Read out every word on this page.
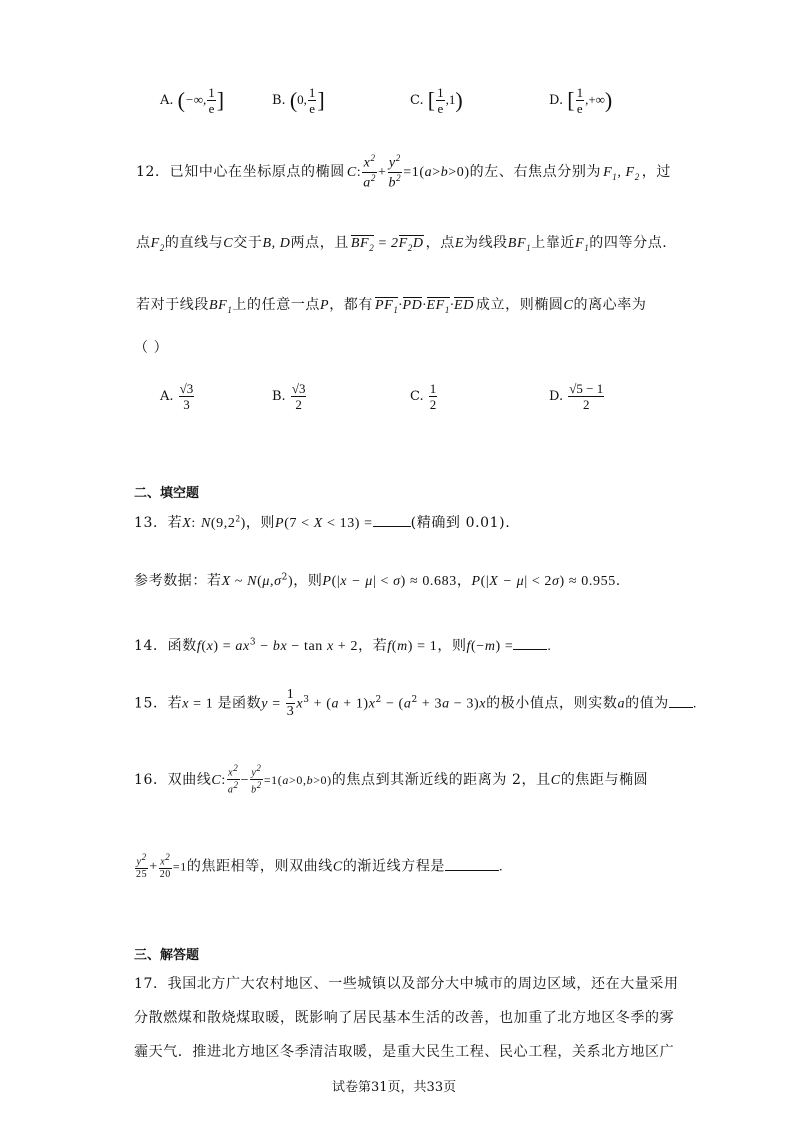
A. (−∞, $\frac{1}{e}$ ]	B. (0, $\frac{1}{e}$ ]	C. [ $\frac{1}{e} ,1$)	D. [ $\frac{1}{e}$ ,+∞)
12．已知中心在坐标原点的椭圆 C: $\frac{x^2}{a^2} + \frac{y^2}{b^2} =1(a>b>0)$的左、右焦点分别为 $F_1$, $F_2$ ，过
点$F_2$的直线与C交于B, D两点，且 $BF_2 = 2F_2D$ ，点E为线段$BF_1$上靠近$F_1$的四等分点.
若对于线段$BF_1$上的任意一点P，都有 $PF_1\cdot PD\cdot EF_1\cdot ED$ 成立，则椭圆C的离心率为
（ ）
A. $\frac{√3}{3}$	B. $\frac{√3}{2}$	C. $\frac{1}{2}$	D. $\frac{√5 - 1}{2}$
二、填空题
13．若X: $N(9,2^2)$，则P(7 < X < 13) =	(精确到 0.01).
参考数据：若X ~ $N(\mu,\sigma^2)$，则P(|x − μ| < σ) ≈ 0.683，P(|X − μ| < 2σ) ≈ 0.955.
14．函数$f(x) = ax^3$ − bx − tan x + 2，若f(m) = 1，则f(−m) = .
15．若x = 1 是函数$y = \frac{1}{3} x^3 + (a + 1)x^2 - (a^2 + 3a - 3)x$的极小值点，则实数a的值为 .
16．双曲线C: $\frac{x^2}{a^2} - \frac{y^2}{b^2} =1(a>0,b>0)$的焦点到其渐近线的距离为 2，且C的焦距与椭圆
$\frac{y^2}{25} + \frac{x^2}{20} =1$的焦距相等，则双曲线C的渐近线方程是	.
三、解答题
17．我国北方广大农村地区、一些城镇以及部分大中城市的周边区域，还在大量采用
分散燃煤和散烧煤取暖，既影响了居民基本生活的改善，也加重了北方地区冬季的雾
霾天气．推进北方地区冬季清洁取暖，是重大民生工程、民心工程，关系北方地区广
试卷第31页，共33页
